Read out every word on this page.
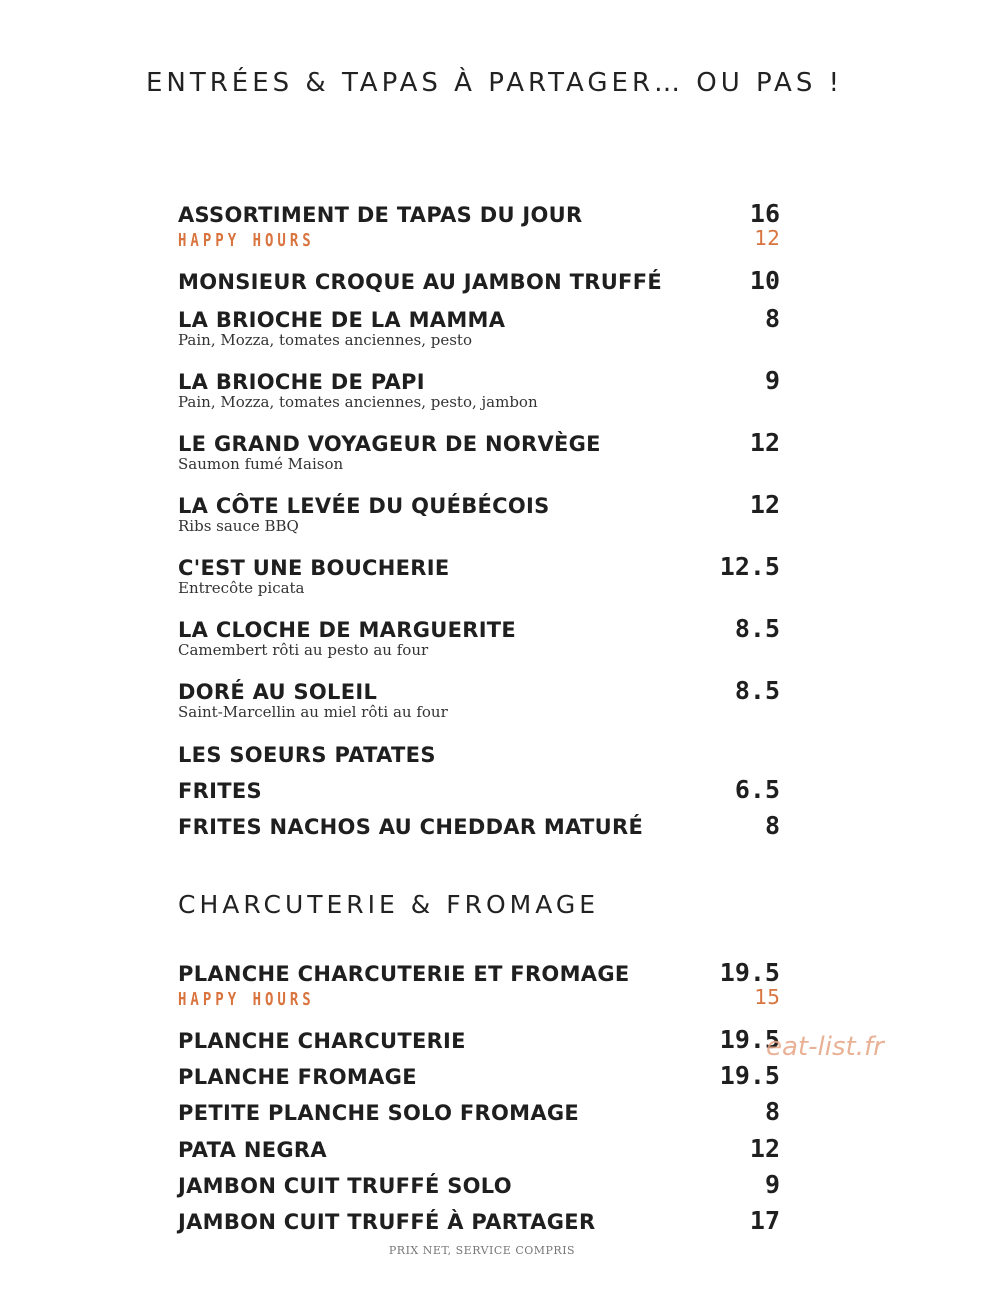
ENTRÉES & TAPAS À PARTAGER… OU PAS !
ASSORTIMENT DE TAPAS DU JOUR	16
HAPPY HOURS	12
MONSIEUR CROQUE AU JAMBON TRUFFÉ	10
LA BRIOCHE DE LA MAMMA	8
Pain, Mozza, tomates anciennes, pesto
LA BRIOCHE DE PAPI	9
Pain, Mozza, tomates anciennes, pesto, jambon
LE GRAND VOYAGEUR DE NORVÈGE	12
Saumon fumé Maison
LA CÔTE LEVÉE DU QUÉBÉCOIS	12
Ribs sauce BBQ
C'EST UNE BOUCHERIE	12.5
Entrecôte picata
LA CLOCHE DE MARGUERITE	8.5
Camembert rôti au pesto au four
DORÉ AU SOLEIL	8.5
Saint-Marcellin au miel rôti au four
LES SOEURS PATATES
FRITES	6.5
FRITES NACHOS AU CHEDDAR MATURÉ	8
CHARCUTERIE & FROMAGE
PLANCHE CHARCUTERIE ET FROMAGE	19.5
HAPPY HOURS	15
PLANCHE CHARCUTERIE	19.5
PLANCHE FROMAGE	19.5
PETITE PLANCHE SOLO FROMAGE	8
PATA NEGRA	12
JAMBON CUIT TRUFFÉ SOLO	9
JAMBON CUIT TRUFFÉ À PARTAGER	17
PRIX NET, SERVICE COMPRIS
eat-list.fr
